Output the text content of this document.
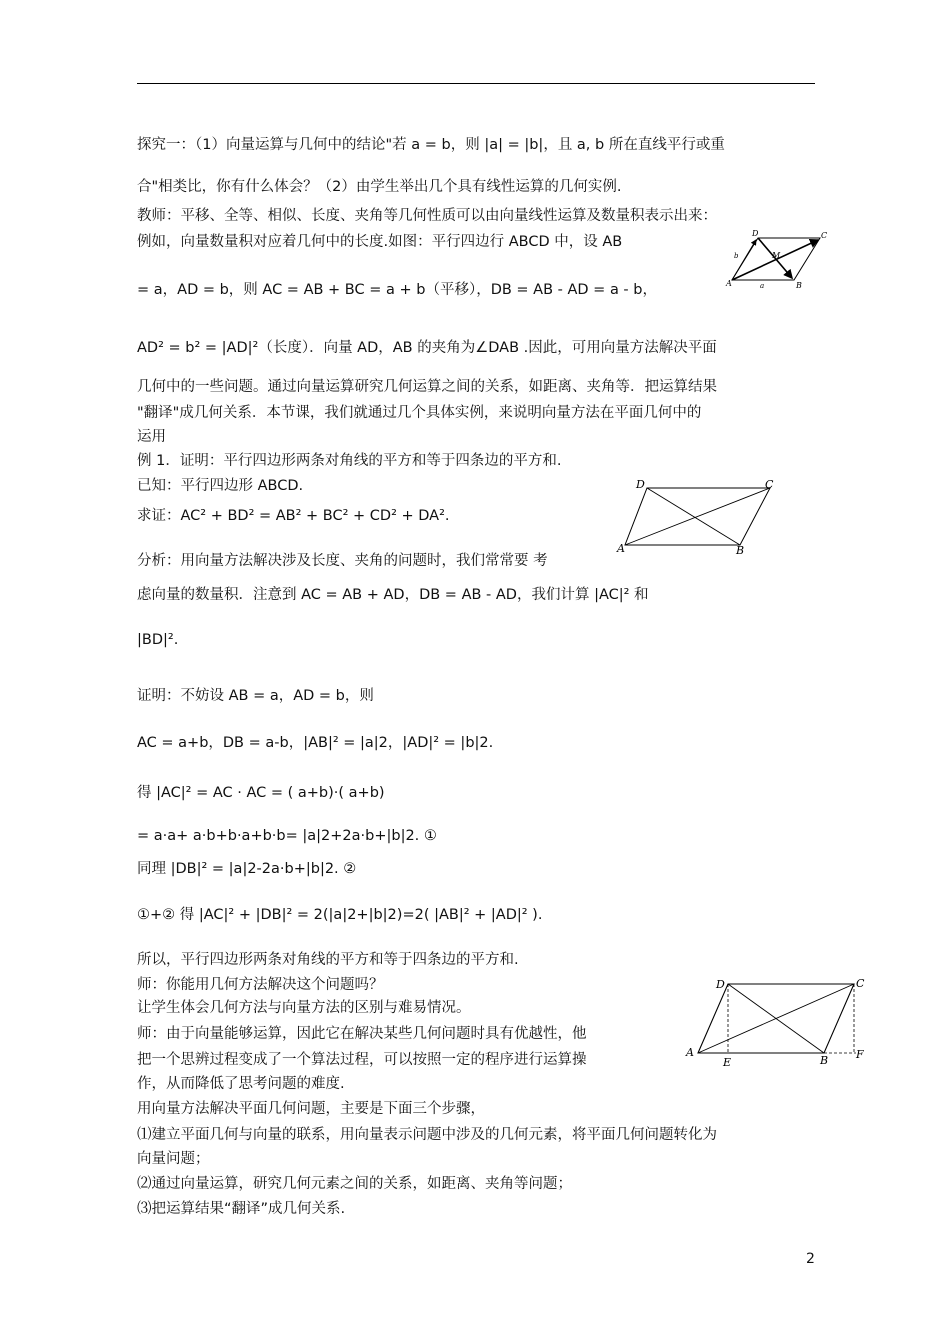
探究一：（1）向量运算与几何中的结论"若 a = b，则 |a| = |b|，且 a, b 所在直线平行或重
合"相类比，你有什么体会？（2）由学生举出几个具有线性运算的几何实例.
教师：平移、全等、相似、长度、夹角等几何性质可以由向量线性运算及数量积表示出来：
例如，向量数量积对应着几何中的长度.如图：平行四边行 ABCD 中，设 AB
= a，AD = b，则 AC = AB + BC = a + b（平移），DB = AB - AD = a - b，
AD² = b² = |AD|²（长度）．向量 AD，AB 的夹角为∠DAB .因此，可用向量方法解决平面
几何中的一些问题。通过向量运算研究几何运算之间的关系，如距离、夹角等．把运算结果
"翻译"成几何关系．本节课，我们就通过几个具体实例，来说明向量方法在平面几何中的
运用
例 1．证明：平行四边形两条对角线的平方和等于四条边的平方和.
已知：平行四边形 ABCD.
求证：AC² + BD² = AB² + BC² + CD² + DA².
分析：用向量方法解决涉及长度、夹角的问题时，我们常常要 考
虑向量的数量积．注意到 AC = AB + AD，DB = AB - AD，我们计算 |AC|² 和
|BD|².
证明：不妨设 AB = a，AD = b，则
AC = a+b，DB = a-b，|AB|² = |a|2，|AD|² = |b|2.
得 |AC|² = AC · AC = ( a+b)·( a+b)
= a·a+ a·b+b·a+b·b= |a|2+2a·b+|b|2. ①
同理 |DB|² = |a|2-2a·b+|b|2. ②
①+② 得 |AC|² + |DB|² = 2(|a|2+|b|2)=2( |AB|² + |AD|² ).
所以，平行四边形两条对角线的平方和等于四条边的平方和.
师：你能用几何方法解决这个问题吗？
让学生体会几何方法与向量方法的区别与难易情况。
师：由于向量能够运算，因此它在解决某些几何问题时具有优越性，他
把一个思辨过程变成了一个算法过程，可以按照一定的程序进行运算操
作，从而降低了思考问题的难度.
用向量方法解决平面几何问题，主要是下面三个步骤，
⑴建立平面几何与向量的联系，用向量表示问题中涉及的几何元素，将平面几何问题转化为
向量问题；
⑵通过向量运算，研究几何元素之间的关系，如距离、夹角等问题；
⑶把运算结果“翻译”成几何关系.
A	B
C
D
M
a
b
A	B
C
D
A
B
C
D
E
F
2
